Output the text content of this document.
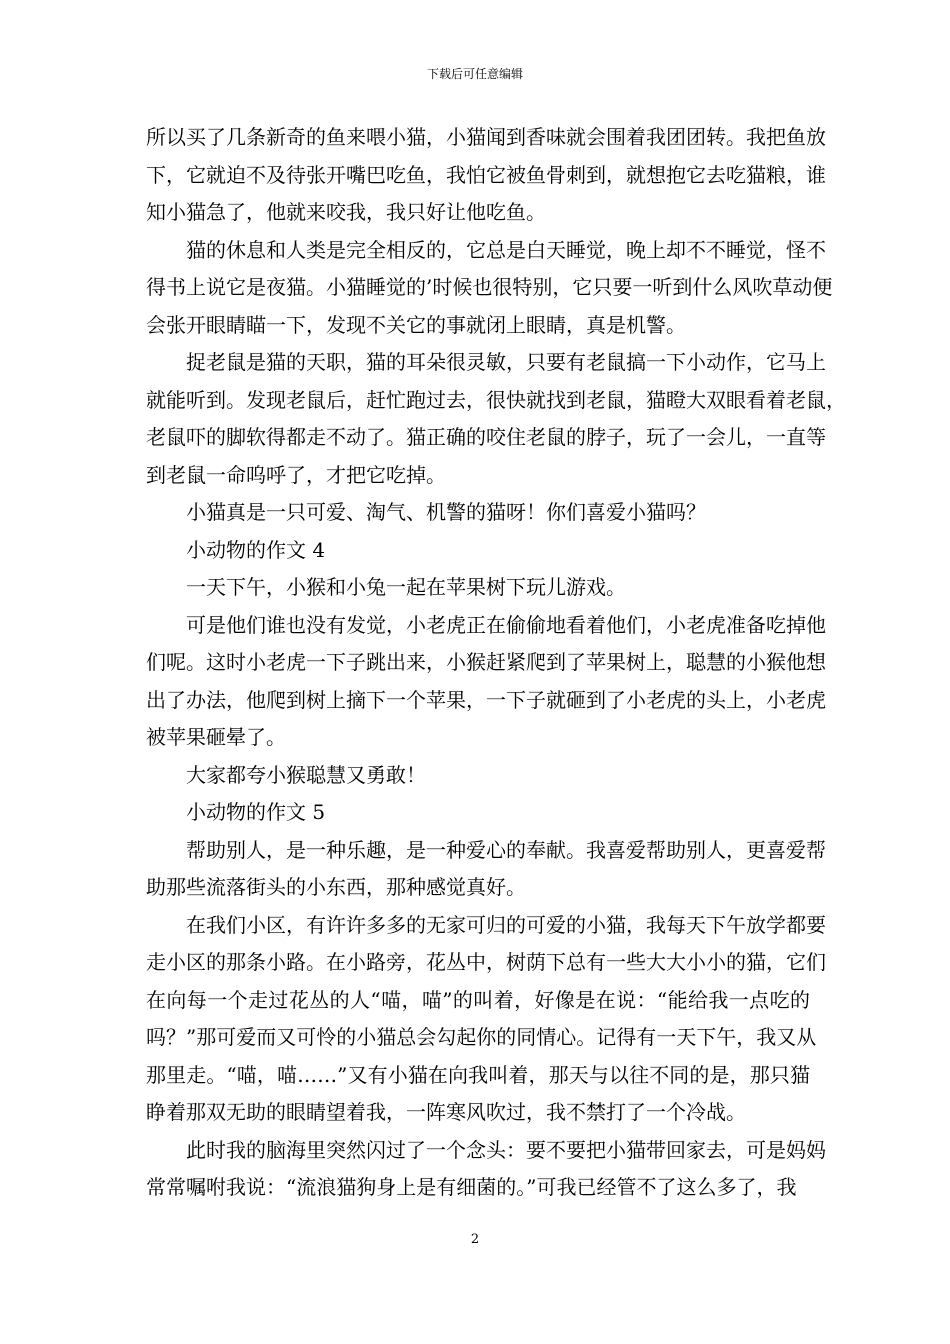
下载后可任意编辑
所以买了几条新奇的鱼来喂小猫，小猫闻到香味就会围着我团团转。我把鱼放
下，它就迫不及待张开嘴巴吃鱼，我怕它被鱼骨刺到，就想抱它去吃猫粮，谁
知小猫急了，他就来咬我，我只好让他吃鱼。
猫的休息和人类是完全相反的，它总是白天睡觉，晚上却不不睡觉，怪不
得书上说它是夜猫。小猫睡觉的’时候也很特别，它只要一听到什么风吹草动便
会张开眼睛瞄一下，发现不关它的事就闭上眼睛，真是机警。
捉老鼠是猫的天职，猫的耳朵很灵敏，只要有老鼠搞一下小动作，它马上
就能听到。发现老鼠后，赶忙跑过去，很快就找到老鼠，猫瞪大双眼看着老鼠，
老鼠吓的脚软得都走不动了。猫正确的咬住老鼠的脖子，玩了一会儿，一直等
到老鼠一命呜呼了，才把它吃掉。
小猫真是一只可爱、淘气、机警的猫呀！你们喜爱小猫吗？
小动物的作文 4
一天下午，小猴和小兔一起在苹果树下玩儿游戏。
可是他们谁也没有发觉，小老虎正在偷偷地看着他们，小老虎准备吃掉他
们呢。这时小老虎一下子跳出来，小猴赶紧爬到了苹果树上，聪慧的小猴他想
出了办法，他爬到树上摘下一个苹果，一下子就砸到了小老虎的头上，小老虎
被苹果砸晕了。
大家都夸小猴聪慧又勇敢！
小动物的作文 5
帮助别人，是一种乐趣，是一种爱心的奉献。我喜爱帮助别人，更喜爱帮
助那些流落街头的小东西，那种感觉真好。
在我们小区，有许许多多的无家可归的可爱的小猫，我每天下午放学都要
走小区的那条小路。在小路旁，花丛中，树荫下总有一些大大小小的猫，它们
在向每一个走过花丛的人“喵，喵”的叫着，好像是在说：“能给我一点吃的
吗？”那可爱而又可怜的小猫总会勾起你的同情心。记得有一天下午，我又从
那里走。“喵，喵……”又有小猫在向我叫着，那天与以往不同的是，那只猫
睁着那双无助的眼睛望着我，一阵寒风吹过，我不禁打了一个冷战。
此时我的脑海里突然闪过了一个念头：要不要把小猫带回家去，可是妈妈
常常嘱咐我说：“流浪猫狗身上是有细菌的。”可我已经管不了这么多了，我
2
